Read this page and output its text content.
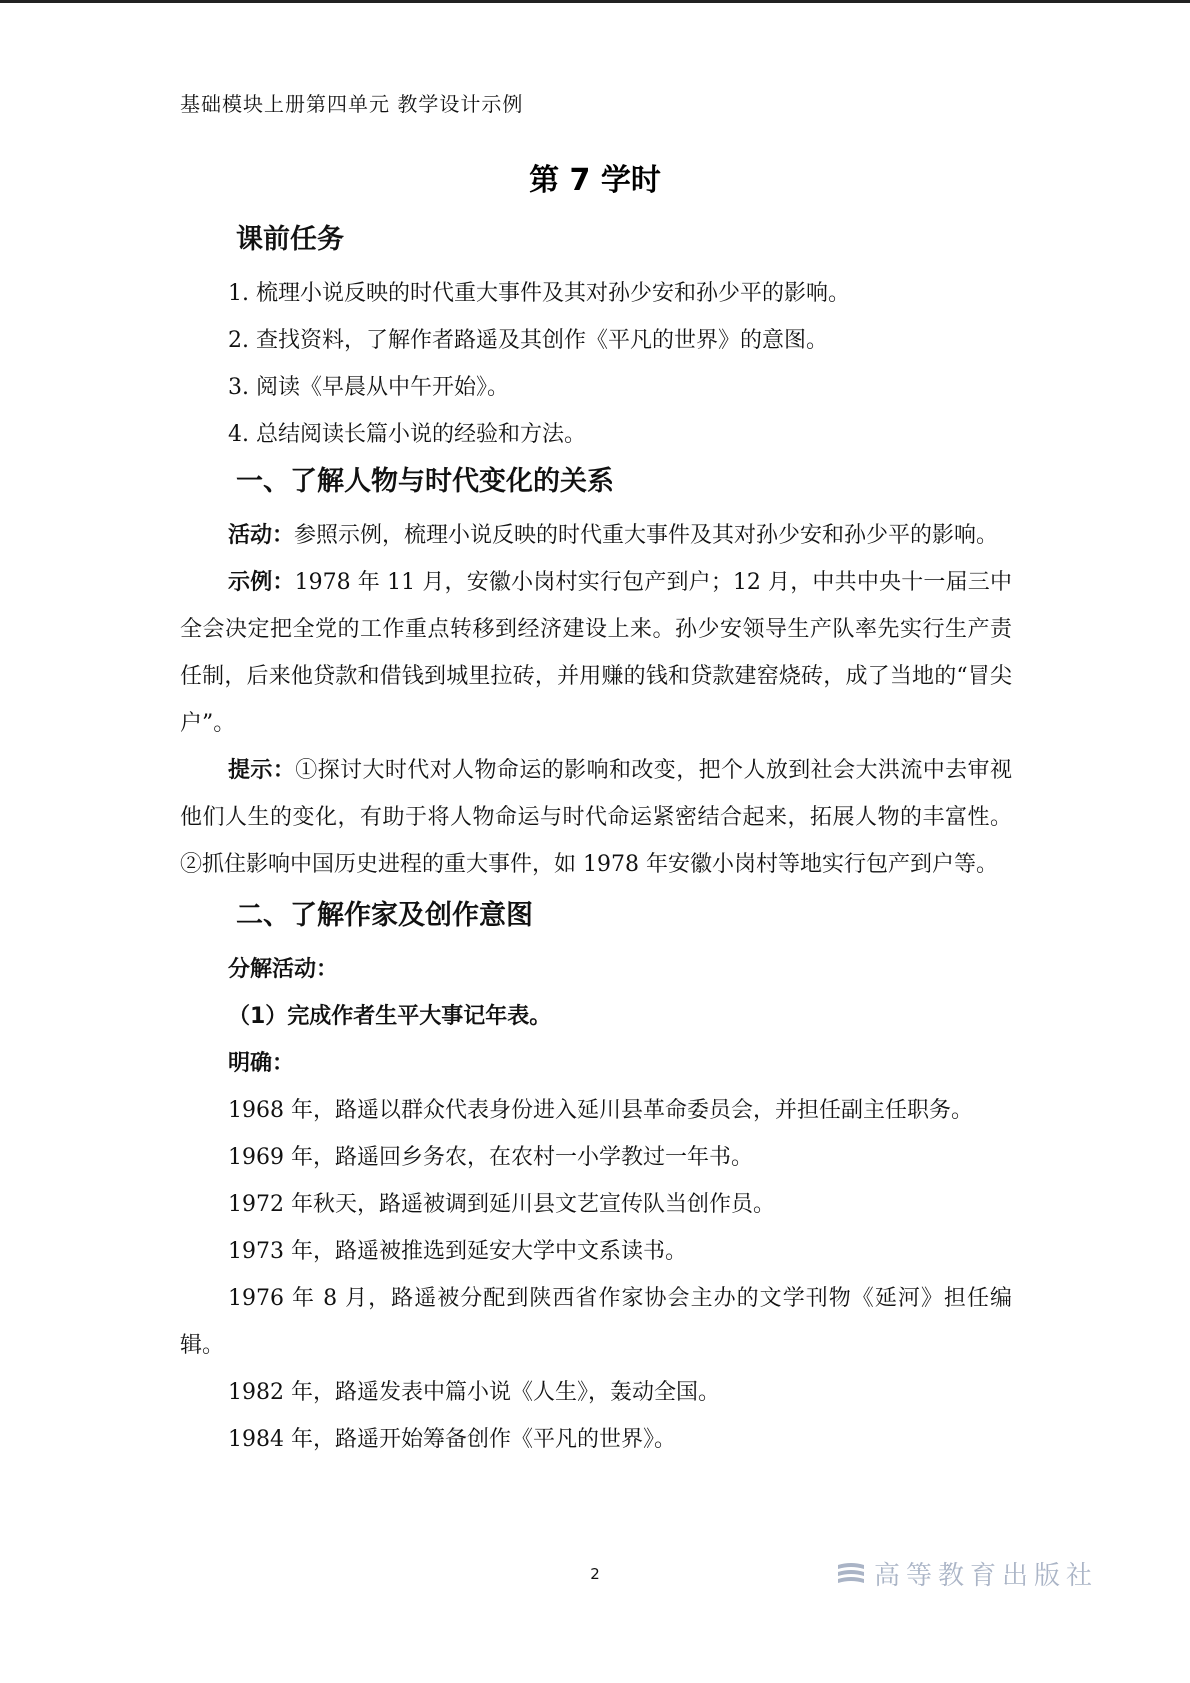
基础模块上册第四单元 教学设计示例
第 7 学时
课前任务
1. 梳理小说反映的时代重大事件及其对孙少安和孙少平的影响。
2. 查找资料，了解作者路遥及其创作《平凡的世界》的意图。
3. 阅读《早晨从中午开始》。
4. 总结阅读长篇小说的经验和方法。
一、了解人物与时代变化的关系
活动：参照示例，梳理小说反映的时代重大事件及其对孙少安和孙少平的影响。
示例：1978 年 11 月，安徽小岗村实行包产到户；12 月，中共中央十一届三中全会决定把全党的工作重点转移到经济建设上来。孙少安领导生产队率先实行生产责任制，后来他贷款和借钱到城里拉砖，并用赚的钱和贷款建窑烧砖，成了当地的“冒尖户”。
提示：①探讨大时代对人物命运的影响和改变，把个人放到社会大洪流中去审视他们人生的变化，有助于将人物命运与时代命运紧密结合起来，拓展人物的丰富性。②抓住影响中国历史进程的重大事件，如 1978 年安徽小岗村等地实行包产到户等。
二、了解作家及创作意图
分解活动：
（1）完成作者生平大事记年表。
明确：
1968 年，路遥以群众代表身份进入延川县革命委员会，并担任副主任职务。
1969 年，路遥回乡务农，在农村一小学教过一年书。
1972 年秋天，路遥被调到延川县文艺宣传队当创作员。
1973 年，路遥被推选到延安大学中文系读书。
1976 年 8 月，路遥被分配到陕西省作家协会主办的文学刊物《延河》担任编辑。
1982 年，路遥发表中篇小说《人生》，轰动全国。
1984 年，路遥开始筹备创作《平凡的世界》。
2	高等教育出版社
